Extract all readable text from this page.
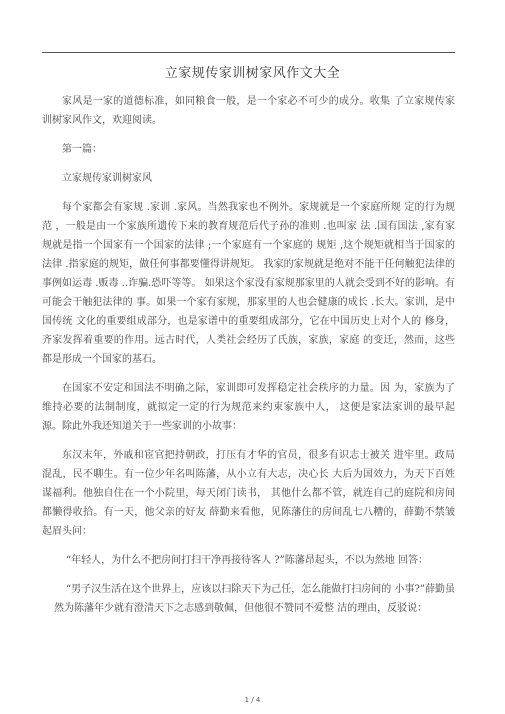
立家规传家训树家风作文大全

家风是一家的道德标准，如同粮食一般，是一个家必不可少的成分。收集 了立家规传家训树家风作文，欢迎阅读。

第一篇：

立家规传家训树家风

每个家都会有家规 .家训 .家风。当然我家也不例外。家规就是一个家庭所规 定的行为规范 ，一般是由一个家族所遗传下来的教育规范后代子孙的准则 .也叫家 法 .国有国法 ,家有家规就是指一个国家有一个国家的法律 ;一个家庭有一个家庭的 规矩 ,这个规矩就相当于国家的法律 .指家庭的规矩，做任何事都要懂得讲规矩。 我家的家规就是绝对不能干任何触犯法律的事例如运毒 .贩毒 ..诈骗.恐吓等等。 如果这个家没有家规那家里的人就会受到不好的影响。有可能会干触犯法律的 事。如果一个家有家规，那家里的人也会健康的成长 .长大。家训，是中国传统 文化的重要组成部分，也是家谱中的重要组成部分，它在中国历史上对个人的 修身，齐家发挥着重要的作用。远古时代，人类社会经历了氏族，家族，家庭 的变迁，然而，这些都是形成一个国家的基石。

在国家不安定和国法不明确之际，家训即可发挥稳定社会秩序的力量。因 为，家族为了维持必要的法制制度，就拟定一定的行为规范来约束家族中人， 这便是家法家训的最早起源。除此外我还知道关于一些家训的小故事：

东汉末年，外戚和宦官把持朝政，打压有才华的官员，很多有识志士被关 进牢里。政局混乱，民不聊生。有一位少年名叫陈藩，从小立有大志，决心长 大后为国效力，为天下百姓谋福利。他独自住在一个小院里，每天闭门读书， 其他什么都不管，就连自己的庭院和房间都懒得收拾。有一天，他父亲的好友 薛勤来看他，见陈藩住的房间乱七八糟的，薛勤不禁皱起眉头问：

“年轻人，为什么不把房间打扫干净再接待客人 ?”陈藩昂起头，不以为然地 回答：

“男子汉生活在这个世界上，应该以扫除天下为己任，怎么能做打扫房间的 小事?”薛勤虽然为陈藩年少就有澄清天下之志感到敬佩，但他很不赞同不爱整 洁的理由，反驳说：

1 / 4
